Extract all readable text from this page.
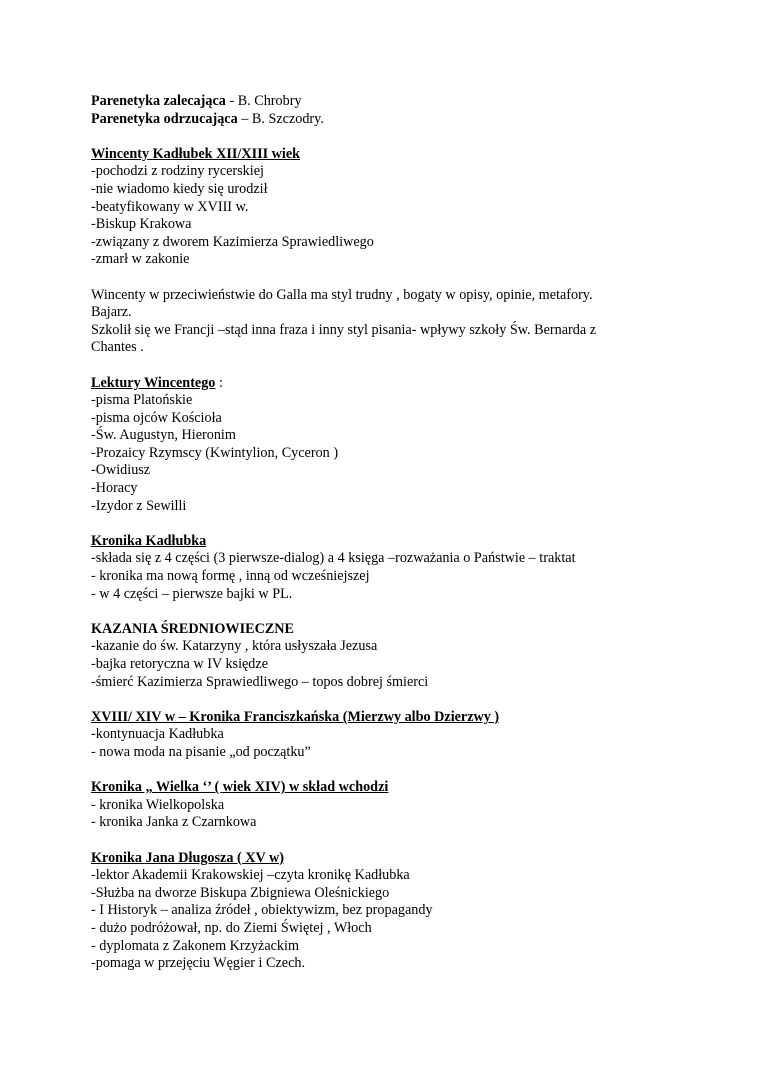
Parenetyka zalecająca - B. Chrobry

Parenetyka odrzucająca – B. Szczodry.

Wincenty Kadłubek XII/XIII wiek

-pochodzi z rodziny rycerskiej

-nie wiadomo kiedy się urodził

-beatyfikowany w XVIII w.

-Biskup Krakowa

-związany z dworem Kazimierza Sprawiedliwego

-zmarł w zakonie

Wincenty w przeciwieństwie do Galla ma styl trudny , bogaty w opisy, opinie, metafory.

Bajarz.

Szkolił się we Francji –stąd inna fraza i inny styl pisania- wpływy szkoły Św. Bernarda z

Chantes .

Lektury Wincentego :

-pisma Platońskie

-pisma ojców Kościoła

-Św. Augustyn, Hieronim

-Prozaicy Rzymscy (Kwintylion, Cyceron )

-Owidiusz

-Horacy

-Izydor z Sewilli

Kronika Kadłubka

-składa się z 4 części (3 pierwsze-dialog) a 4 księga –rozważania o Państwie – traktat

- kronika ma nową formę , inną od wcześniejszej

- w 4 części – pierwsze bajki w PL.

KAZANIA ŚREDNIOWIECZNE

-kazanie do św. Katarzyny , która usłyszała Jezusa

-bajka retoryczna w IV księdze

-śmierć Kazimierza Sprawiedliwego – topos dobrej śmierci

XVIII/ XIV w – Kronika Franciszkańska (Mierzwy albo Dzierzwy )

-kontynuacja Kadłubka

- nowa moda na pisanie „od początku”

Kronika „ Wielka ‘’ ( wiek XIV) w skład wchodzi

- kronika Wielkopolska

- kronika Janka z Czarnkowa

Kronika Jana Długosza ( XV w)

-lektor Akademii Krakowskiej –czyta kronikę Kadłubka

-Służba na dworze Biskupa Zbigniewa Oleśnickiego

- I Historyk – analiza źródeł , obiektywizm, bez propagandy

- dużo podróżował, np. do Ziemi Świętej , Włoch

- dyplomata z Zakonem Krzyżackim

-pomaga w przejęciu Węgier i Czech.
